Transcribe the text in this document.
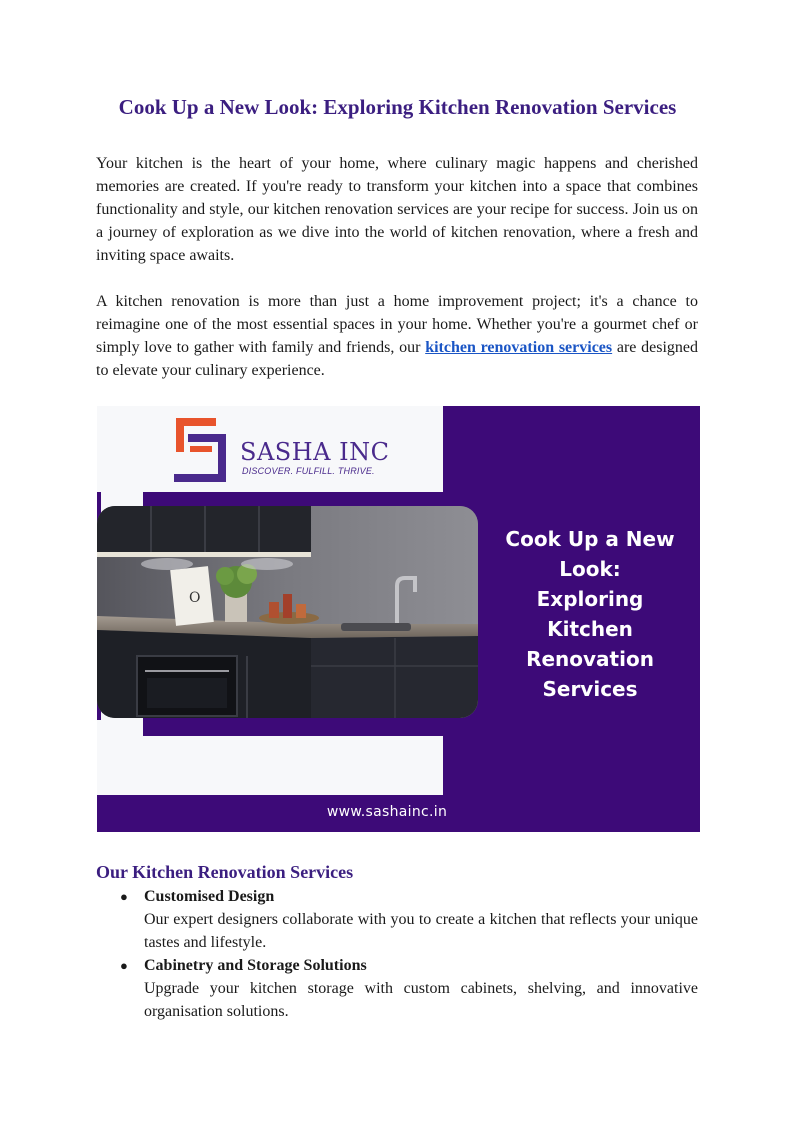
Cook Up a New Look: Exploring Kitchen Renovation Services

Your kitchen is the heart of your home, where culinary magic happens and cherished memories are created. If you're ready to transform your kitchen into a space that combines functionality and style, our kitchen renovation services are your recipe for success. Join us on a journey of exploration as we dive into the world of kitchen renovation, where a fresh and inviting space awaits.

A kitchen renovation is more than just a home improvement project; it's a chance to reimagine one of the most essential spaces in your home. Whether you're a gourmet chef or simply love to gather with family and friends, our kitchen renovation services are designed to elevate your culinary experience.

SASHA INC

DISCOVER. FULFILL. THRIVE.

O

Cook Up a New
Look:
Exploring
Kitchen
Renovation
Services

www.sashainc.in

Our Kitchen Renovation Services
● Customised Design
Our expert designers collaborate with you to create a kitchen that reflects your unique tastes and lifestyle.
● Cabinetry and Storage Solutions
Upgrade your kitchen storage with custom cabinets, shelving, and innovative organisation solutions.
